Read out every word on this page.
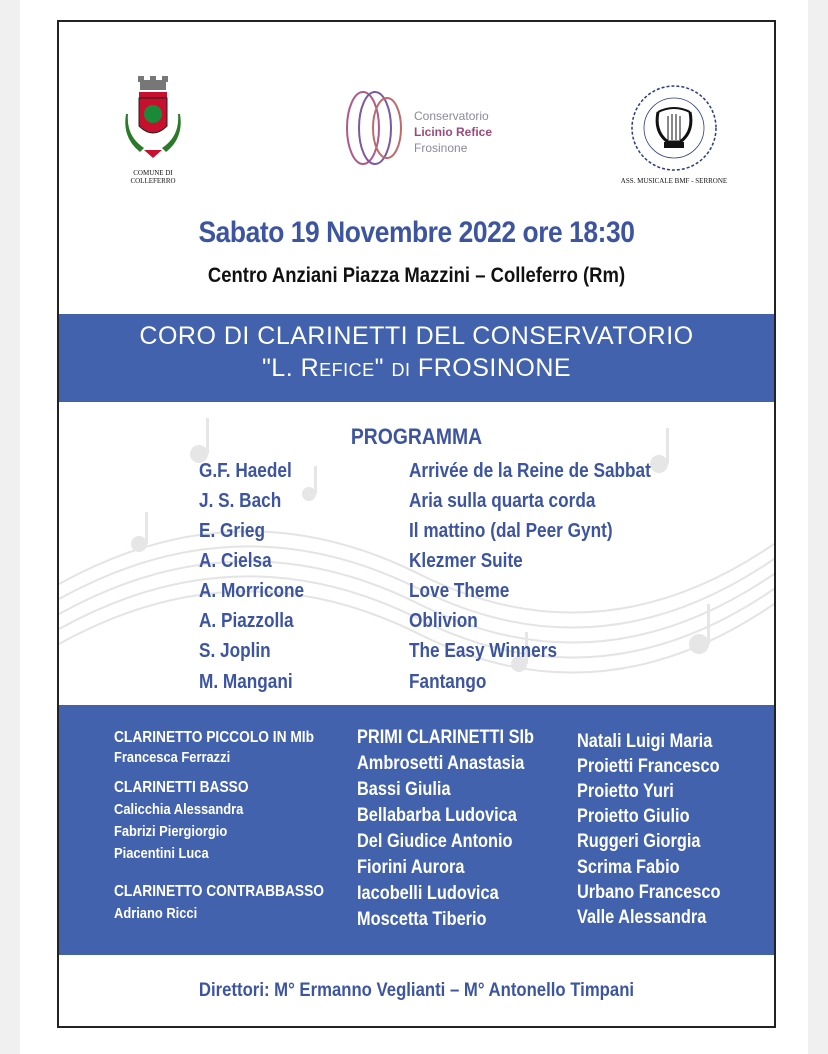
COMUNE DI
COLLEFERRO
Conservatorio
Licinio Refice
Frosinone
ASS. MUSICALE BMF - SERRONE
Sabato 19 Novembre 2022 ore 18:30
Centro Anziani Piazza Mazzini – Colleferro (Rm)
CORO DI CLARINETTI DEL CONSERVATORIO
"L. Refice" di FROSINONE
PROGRAMMA
G.F. Haedel	Arrivée de la Reine de Sabbat
J. S. Bach	Aria sulla quarta corda
E. Grieg	Il mattino (dal Peer Gynt)
A. Cielsa	Klezmer Suite
A. Morricone	Love Theme
A. Piazzolla	Oblivion
S. Joplin	The Easy Winners
M. Mangani	Fantango
CLARINETTO PICCOLO IN MIb
Francesca Ferrazzi
CLARINETTI BASSO
Calicchia Alessandra
Fabrizi Piergiorgio
Piacentini Luca
CLARINETTO CONTRABBASSO
Adriano Ricci
PRIMI CLARINETTI SIb
Ambrosetti Anastasia
Bassi Giulia
Bellabarba Ludovica
Del Giudice Antonio
Fiorini Aurora
Iacobelli Ludovica
Moscetta Tiberio
Natali Luigi Maria
Proietti Francesco
Proietto Yuri
Proietto Giulio
Ruggeri Giorgia
Scrima Fabio
Urbano Francesco
Valle Alessandra
Direttori: M° Ermanno Veglianti – M° Antonello Timpani
